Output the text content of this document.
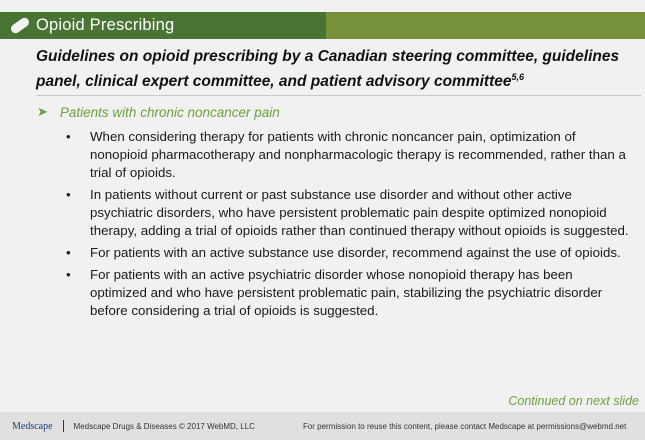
Opioid Prescribing
Guidelines on opioid prescribing by a Canadian steering committee, guidelines panel, clinical expert committee, and patient advisory committee$^{5,6}$
➤ Patients with chronic noncancer pain
•	When considering therapy for patients with chronic noncancer pain, optimization of nonopioid pharmacotherapy and nonpharmacologic therapy is recommended, rather than a trial of opioids.
•	In patients without current or past substance use disorder and without other active psychiatric disorders, who have persistent problematic pain despite optimized nonopioid therapy, adding a trial of opioids rather than continued therapy without opioids is suggested.
•	For patients with an active substance use disorder, recommend against the use of opioids.
•	For patients with an active psychiatric disorder whose nonopioid therapy has been optimized and who have persistent problematic pain, stabilizing the psychiatric disorder before considering a trial of opioids is suggested.
Continued on next slide
Medscape	Medscape Drugs & Diseases © 2017 WebMD, LLC	For permission to reuse this content, please contact Medscape at permissions@webmd.net
